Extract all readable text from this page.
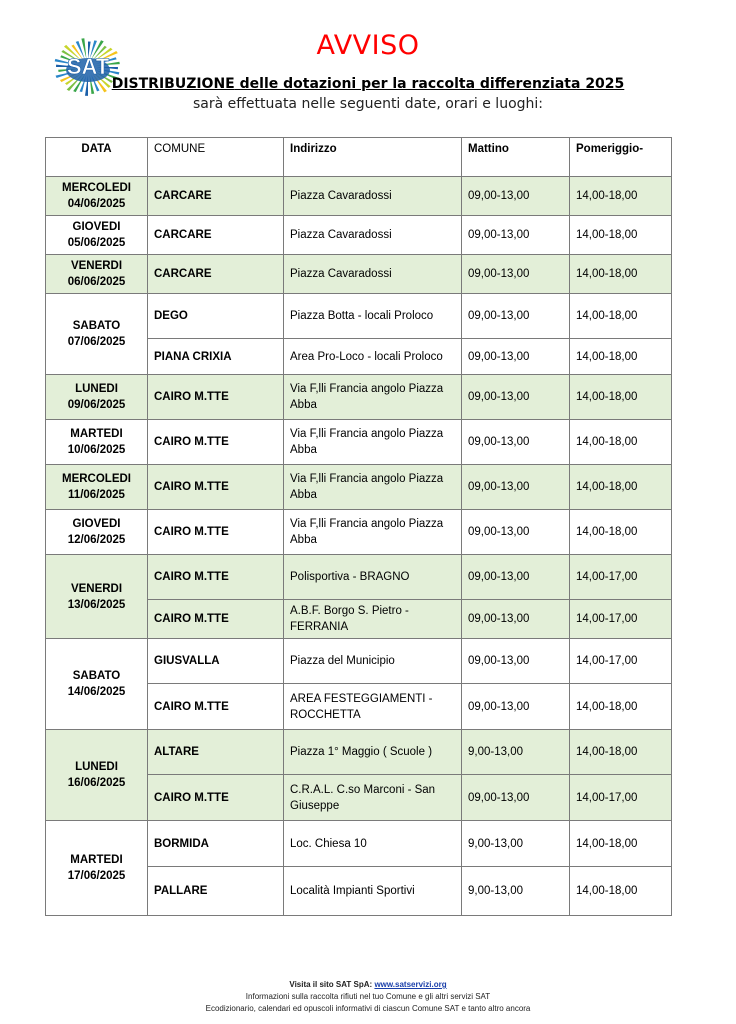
SAT
AVVISO
DISTRIBUZIONE delle dotazioni per la raccolta differenziata 2025
sarà effettuata nelle seguenti date, orari e luoghi:
DATA	COMUNE	Indirizzo	Mattino	Pomeriggio-

MERCOLEDI
04/06/2025	CARCARE	Piazza Cavaradossi	09,00-13,00	14,00-18,00

GIOVEDI
05/06/2025	CARCARE	Piazza Cavaradossi	09,00-13,00	14,00-18,00

VENERDI
06/06/2025	CARCARE	Piazza Cavaradossi	09,00-13,00	14,00-18,00

SABATO
07/06/2025	DEGO	Piazza Botta - locali Proloco	09,00-13,00	14,00-18,00
	PIANA CRIXIA	Area Pro-Loco - locali Proloco	09,00-13,00	14,00-18,00

LUNEDI
09/06/2025	CAIRO M.TTE	Via F,lli Francia angolo Piazza Abba	09,00-13,00	14,00-18,00

MARTEDI
10/06/2025	CAIRO M.TTE	Via F,lli Francia angolo Piazza Abba	09,00-13,00	14,00-18,00

MERCOLEDI
11/06/2025	CAIRO M.TTE	Via F,lli Francia angolo Piazza Abba	09,00-13,00	14,00-18,00

GIOVEDI
12/06/2025	CAIRO M.TTE	Via F,lli Francia angolo Piazza Abba	09,00-13,00	14,00-18,00

VENERDI
13/06/2025	CAIRO M.TTE	Polisportiva - BRAGNO	09,00-13,00	14,00-17,00
	CAIRO M.TTE	A.B.F. Borgo S. Pietro - FERRANIA	09,00-13,00	14,00-17,00

SABATO
14/06/2025	GIUSVALLA	Piazza del Municipio	09,00-13,00	14,00-17,00
	CAIRO M.TTE	AREA FESTEGGIAMENTI - ROCCHETTA	09,00-13,00	14,00-18,00

LUNEDI
16/06/2025	ALTARE	Piazza 1° Maggio ( Scuole )	9,00-13,00	14,00-18,00
	CAIRO M.TTE	C.R.A.L. C.so Marconi - San Giuseppe	09,00-13,00	14,00-17,00

MARTEDI
17/06/2025	BORMIDA	Loc. Chiesa 10	9,00-13,00	14,00-18,00
	PALLARE	Località Impianti Sportivi	9,00-13,00	14,00-18,00
Visita il sito SAT SpA: www.satservizi.org
Informazioni sulla raccolta rifiuti nel tuo Comune e gli altri servizi SAT
Ecodizionario, calendari ed opuscoli informativi di ciascun Comune SAT e tanto altro ancora
